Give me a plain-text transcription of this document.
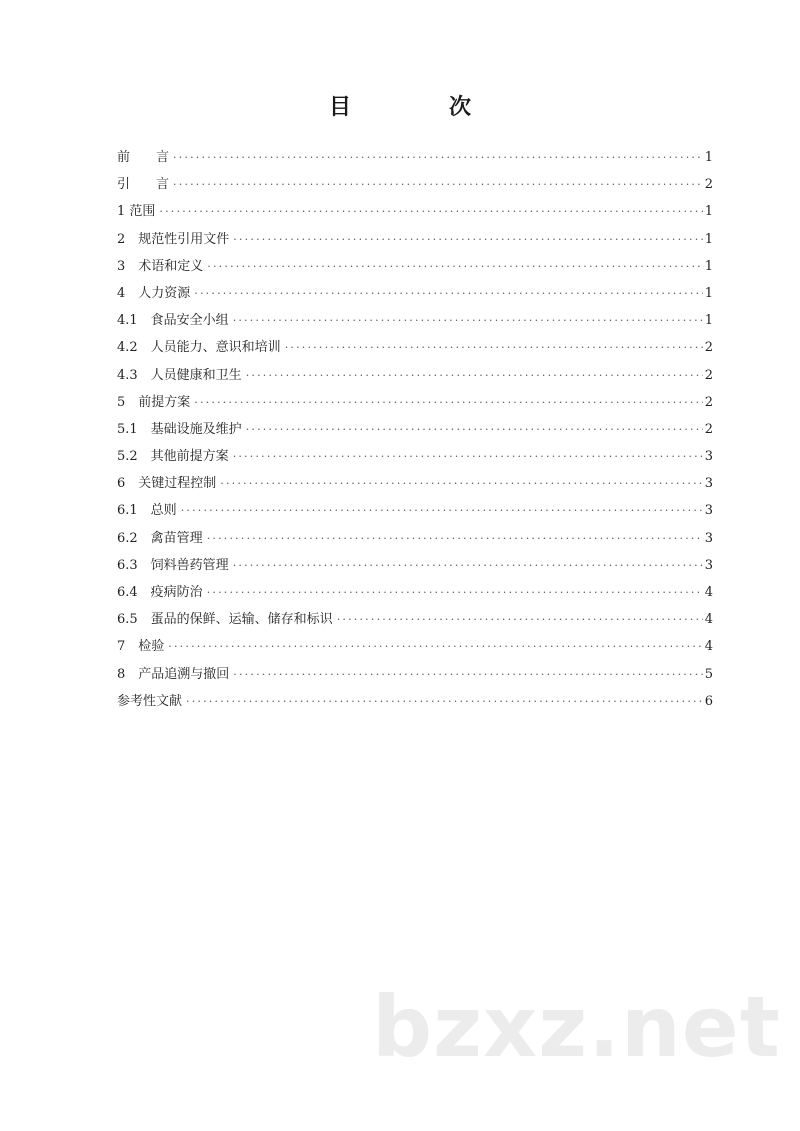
目　次
前　　言 ·····	1
引　　言 ·····	2
1 范围 ·····	1
2　规范性引用文件 ·····	1
3　术语和定义 ·····	1
4　人力资源 ·····	1
4.1　食品安全小组 ·····	1
4.2　人员能力、意识和培训 ·····	2
4.3　人员健康和卫生 ·····	2
5　前提方案 ·····	2
5.1　基础设施及维护 ·····	2
5.2　其他前提方案 ·····	3
6　关键过程控制 ·····	3
6.1　总则 ·····	3
6.2　禽苗管理 ·····	3
6.3　饲料兽药管理 ·····	3
6.4　疫病防治 ·····	4
6.5　蛋品的保鲜、运输、储存和标识 ·····	4
7　检验 ·····	4
8　产品追溯与撤回 ·····	5
参考性文献 ·····	6
bzxz.net
